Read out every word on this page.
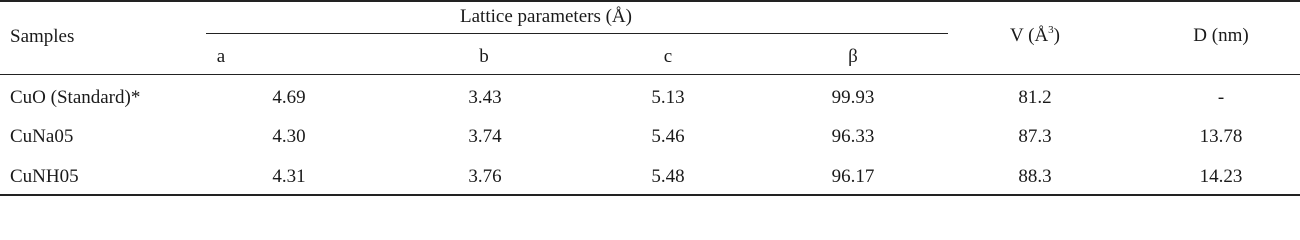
Samples
Lattice parameters (Å)
a	b	c	β
V $(Å^3)$	D (nm)
CuO (Standard)*	4.69	3.43	5.13	99.93	81.2	-
CuNa05	4.30	3.74	5.46	96.33	87.3	13.78
CuNH05	4.31	3.76	5.48	96.17	88.3	14.23
